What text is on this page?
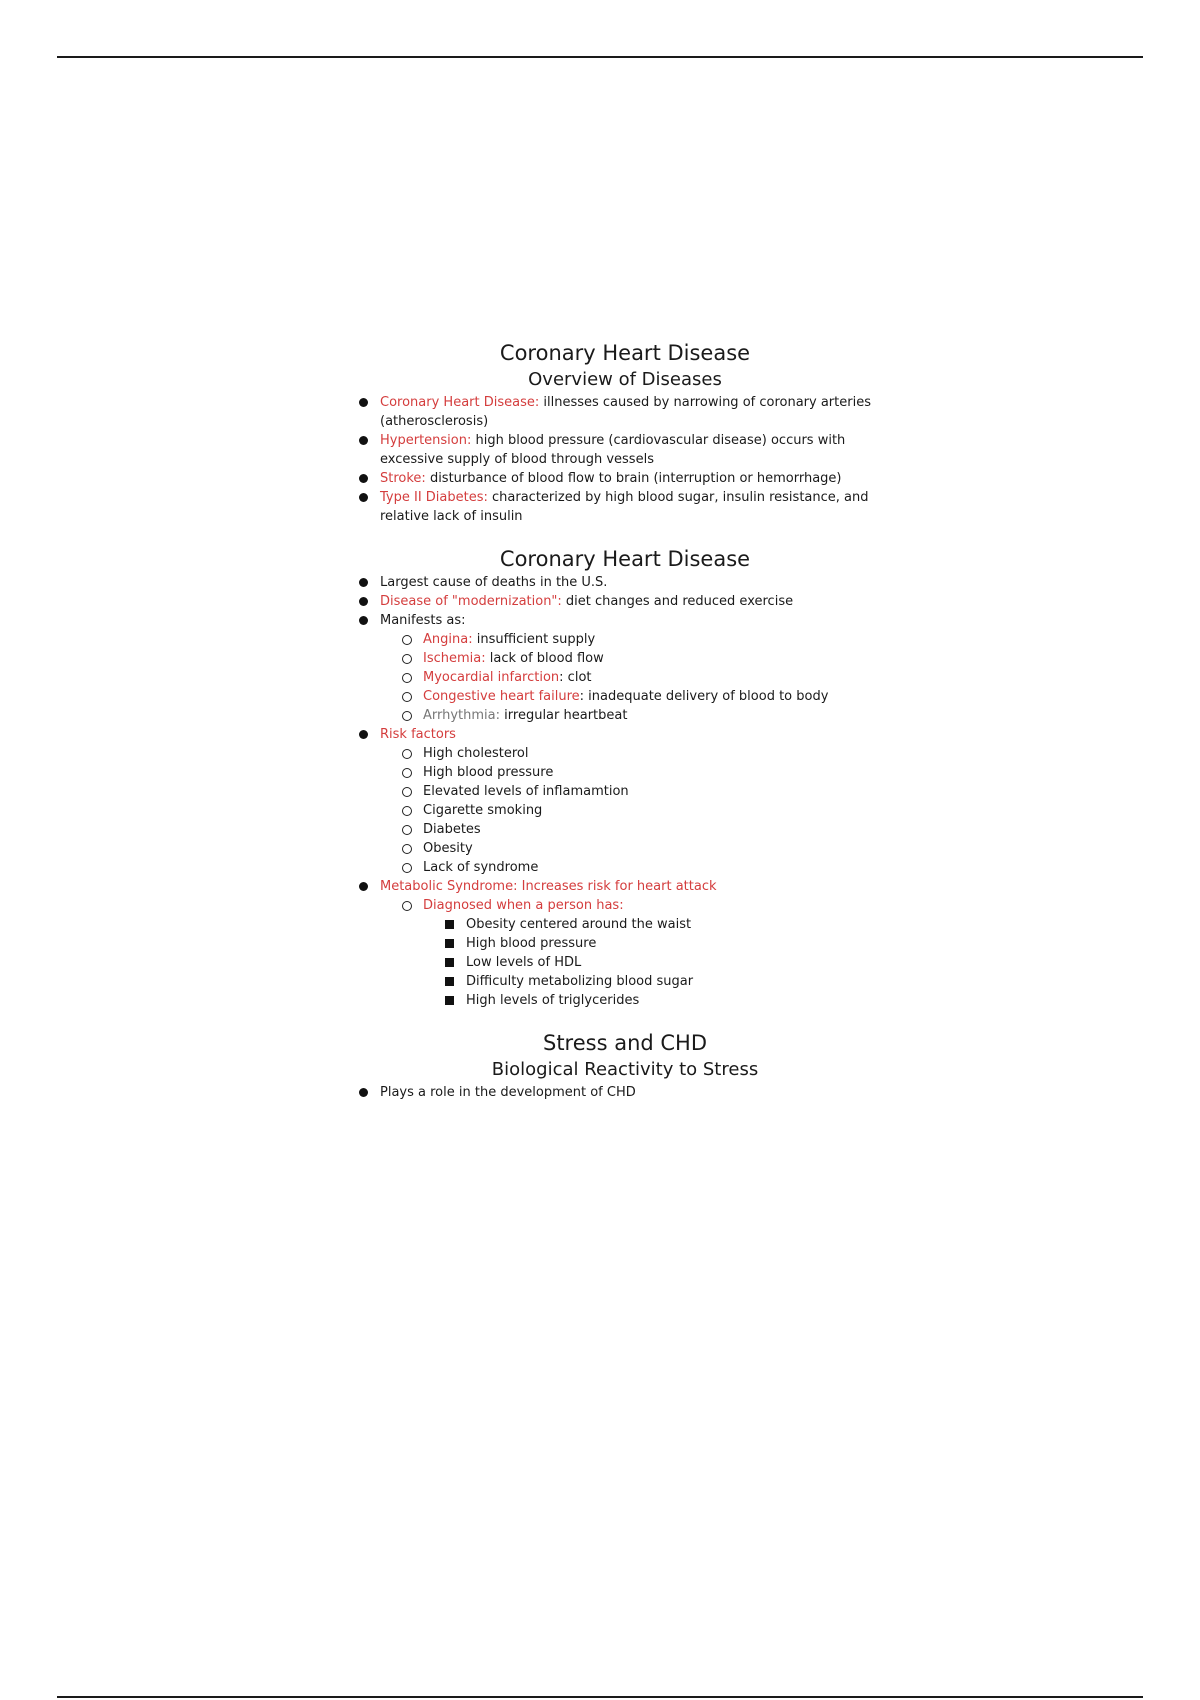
Coronary Heart Disease
Overview of Diseases
Coronary Heart Disease: illnesses caused by narrowing of coronary arteries (atherosclerosis)
Hypertension: high blood pressure (cardiovascular disease) occurs with excessive supply of blood through vessels
Stroke: disturbance of blood flow to brain (interruption or hemorrhage)
Type II Diabetes: characterized by high blood sugar, insulin resistance, and relative lack of insulin
Coronary Heart Disease
Largest cause of deaths in the U.S.
Disease of "modernization": diet changes and reduced exercise
Manifests as:
Angina: insufficient supply
Ischemia: lack of blood flow
Myocardial infarction: clot
Congestive heart failure: inadequate delivery of blood to body
Arrhythmia: irregular heartbeat
Risk factors
High cholesterol
High blood pressure
Elevated levels of inflamamtion
Cigarette smoking
Diabetes
Obesity
Lack of syndrome
Metabolic Syndrome: Increases risk for heart attack
Diagnosed when a person has:
Obesity centered around the waist
High blood pressure
Low levels of HDL
Difficulty metabolizing blood sugar
High levels of triglycerides
Stress and CHD
Biological Reactivity to Stress
Plays a role in the development of CHD
